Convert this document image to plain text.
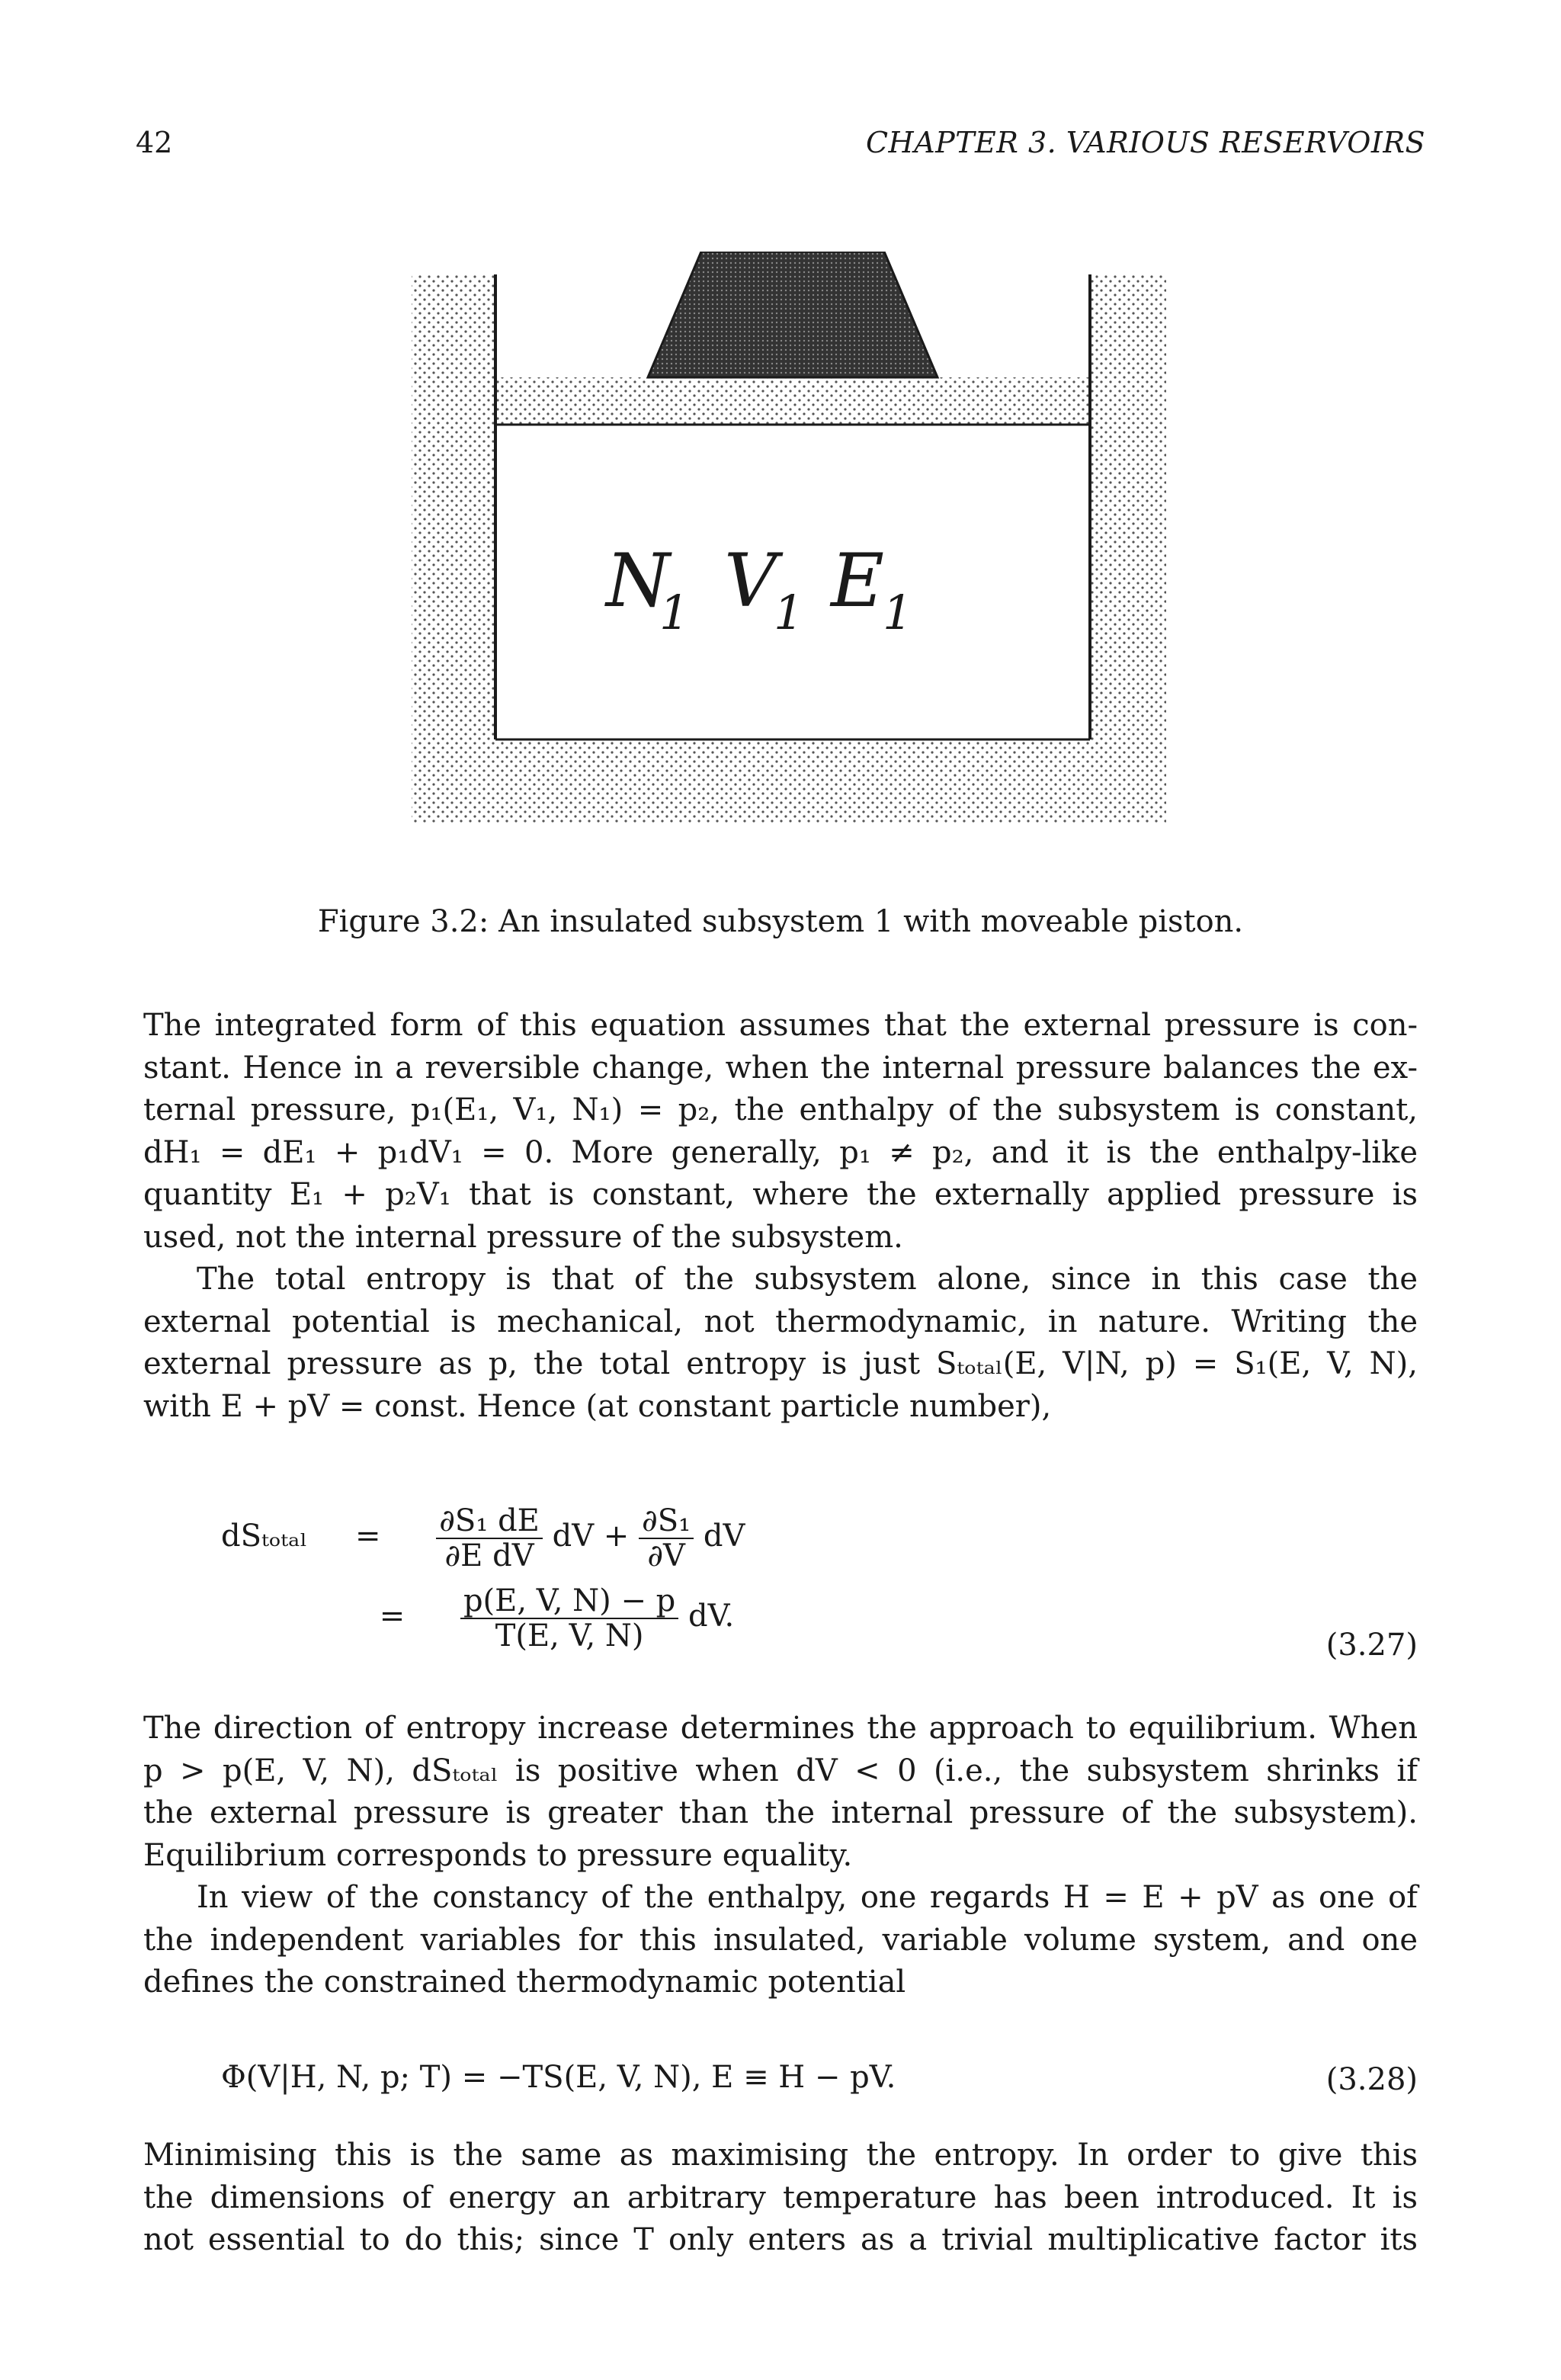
42	CHAPTER 3. VARIOUS RESERVOIRS
N
1 V
1 E
1
Figure 3.2: An insulated subsystem 1 with moveable piston.
The integrated form of this equation assumes that the external pressure is con-
stant. Hence in a reversible change, when the internal pressure balances the ex-
ternal pressure, p₁(E₁, V₁, N₁) = p₂, the enthalpy of the subsystem is constant,
dH₁ = dE₁ + p₁dV₁ = 0. More generally, p₁ ≠ p₂, and it is the enthalpy-like
quantity E₁ + p₂V₁ that is constant, where the externally applied pressure is
used, not the internal pressure of the subsystem.
The total entropy is that of the subsystem alone, since in this case the
external potential is mechanical, not thermodynamic, in nature. Writing the
external pressure as p, the total entropy is just Sₜₒₜₐₗ(E, V|N, p) = S₁(E, V, N),
with E + pV = const. Hence (at constant particle number),
$dS_{total} = \frac{\text{∂S₁ dE}}{\text{∂E dV}}$ dV + $\frac{\text{∂S₁}}{\partial V}$ dV
= $\frac{p(E, V, N) - p}{T(E, V, N)}$ dV.
(3.27)
The direction of entropy increase determines the approach to equilibrium. When
p > p(E, V, N), dSₜₒₜₐₗ is positive when dV < 0 (i.e., the subsystem shrinks if
the external pressure is greater than the internal pressure of the subsystem).
Equilibrium corresponds to pressure equality.
In view of the constancy of the enthalpy, one regards H = E + pV as one of
the independent variables for this insulated, variable volume system, and one
defines the constrained thermodynamic potential
Φ(V|H, N, p; T) = −TS(E, V, N), E ≡ H − pV.	(3.28)
Minimising this is the same as maximising the entropy. In order to give this
the dimensions of energy an arbitrary temperature has been introduced. It is
not essential to do this; since T only enters as a trivial multiplicative factor its
